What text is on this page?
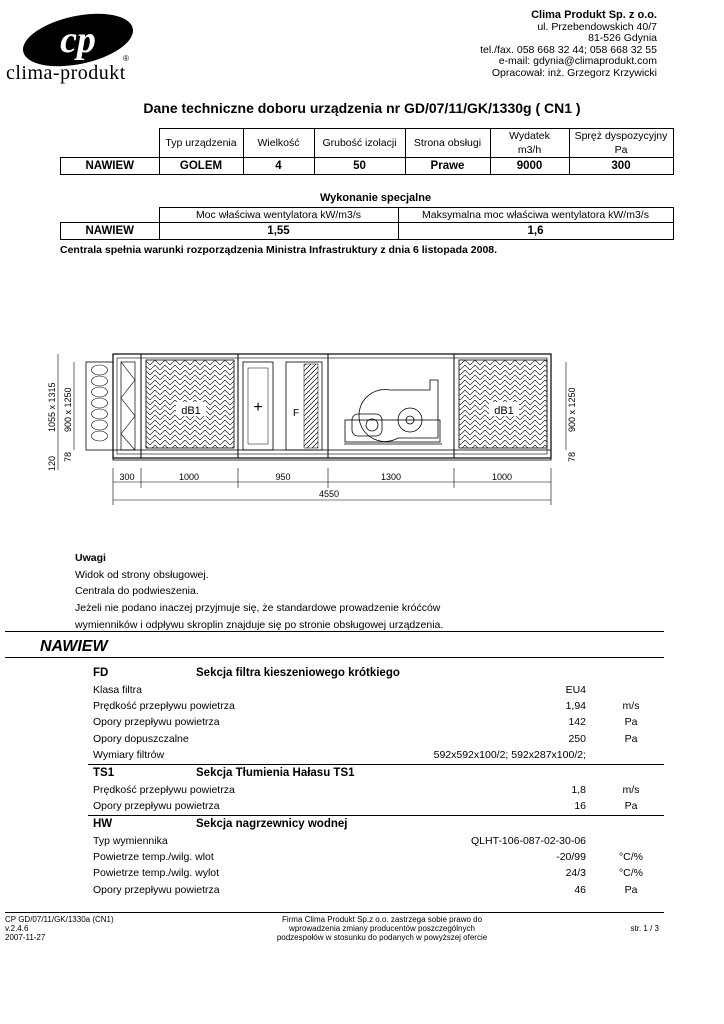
cp	®
clima-produkt
Clima Produkt Sp. z o.o.
ul. Przebendowskich 40/7
81-526 Gdynia
tel./fax. 058 668 32 44; 058 668 32 55
e-mail: gdynia@climaprodukt.com
Opracował: inż. Grzegorz Krzywicki
Dane techniczne doboru urządzenia nr GD/07/11/GK/1330g ( CN1 )
	Typ urządzenia	Wielkość	Grubość izolacji	Strona obsługi	Wydatek	Spręż dyspozycyjny
					m3/h	Pa
NAWIEW	GOLEM	4	50	Prawe	9000	300
Wykonanie specjalne
	Moc właściwa wentylatora kW/m3/s	Maksymalna moc właściwa wentylatora kW/m3/s
NAWIEW	1,55	1,6
Centrala spełnia warunki rozporządzenia Ministra Infrastruktury z dnia 6 listopada 2008.
dB1	+	F	dB1
1055 x 1315 900 x 1250
120 78
900 x 1250
78
300	1000	950	1300	1000
4550
Uwagi
Widok od strony obsługowej.
Centrala do podwieszenia.
Jeżeli nie podano inaczej przyjmuje się, że standardowe prowadzenie króćców
wymienników i odpływu skroplin znajduje się po stronie obsługowej urządzenia.
NAWIEW
FD	Sekcja filtra kieszeniowego krótkiego
Klasa filtra	EU4
Prędkość przepływu powietrza	1,94	m/s
Opory przepływu powietrza	142	Pa
Opory dopuszczalne	250	Pa
Wymiary filtrów	592x592x100/2; 592x287x100/2;
TS1	Sekcja Tłumienia Hałasu TS1
Prędkość przepływu powietrza	1,8	m/s
Opory przepływu powietrza	16	Pa
HW	Sekcja nagrzewnicy wodnej
Typ wymiennika	QLHT-106-087-02-30-06
Powietrze temp./wilg. wlot	-20/99	°C/%
Powietrze temp./wilg. wylot	24/3	°C/%
Opory przepływu powietrza	46	Pa
CP GD/07/11/GK/1330a (CN1)
v.2.4.6
2007-11-27
Firma Clima Produkt Sp.z o.o. zastrzega sobie prawo do
wprowadzenia zmiany producentów poszczególnych
podzespołów w stosunku do podanych w powyższej ofercie
str. 1 / 3
